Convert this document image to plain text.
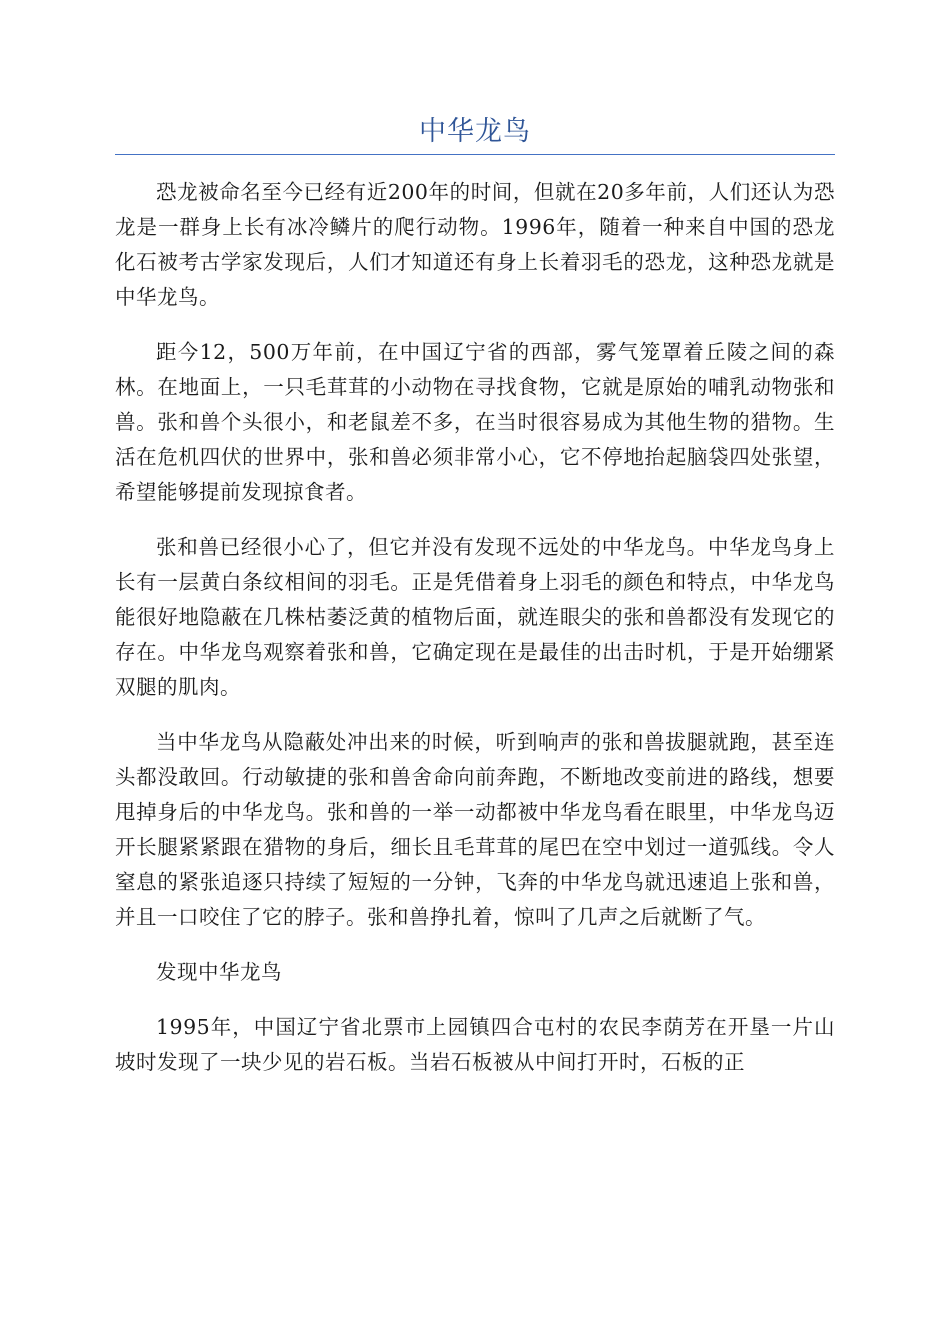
中华龙鸟

恐龙被命名至今已经有近200年的时间，但就在20多年前，人们还认为恐龙是一群身上长有冰冷鳞片的爬行动物。1996年，随着一种来自中国的恐龙化石被考古学家发现后，人们才知道还有身上长着羽毛的恐龙，这种恐龙就是中华龙鸟。

距今12，500万年前，在中国辽宁省的西部，雾气笼罩着丘陵之间的森林。在地面上，一只毛茸茸的小动物在寻找食物，它就是原始的哺乳动物张和兽。张和兽个头很小，和老鼠差不多，在当时很容易成为其他生物的猎物。生活在危机四伏的世界中，张和兽必须非常小心，它不停地抬起脑袋四处张望，希望能够提前发现掠食者。

张和兽已经很小心了，但它并没有发现不远处的中华龙鸟。中华龙鸟身上长有一层黄白条纹相间的羽毛。正是凭借着身上羽毛的颜色和特点，中华龙鸟能很好地隐蔽在几株枯萎泛黄的植物后面，就连眼尖的张和兽都没有发现它的存在。中华龙鸟观察着张和兽，它确定现在是最佳的出击时机，于是开始绷紧双腿的肌肉。

当中华龙鸟从隐蔽处冲出来的时候，听到响声的张和兽拔腿就跑，甚至连头都没敢回。行动敏捷的张和兽舍命向前奔跑，不断地改变前进的路线，想要甩掉身后的中华龙鸟。张和兽的一举一动都被中华龙鸟看在眼里，中华龙鸟迈开长腿紧紧跟在猎物的身后，细长且毛茸茸的尾巴在空中划过一道弧线。令人窒息的紧张追逐只持续了短短的一分钟，飞奔的中华龙鸟就迅速追上张和兽，并且一口咬住了它的脖子。张和兽挣扎着，惊叫了几声之后就断了气。

发现中华龙鸟

1995年，中国辽宁省北票市上园镇四合屯村的农民李荫芳在开垦一片山坡时发现了一块少见的岩石板。当岩石板被从中间打开时，石板的正
